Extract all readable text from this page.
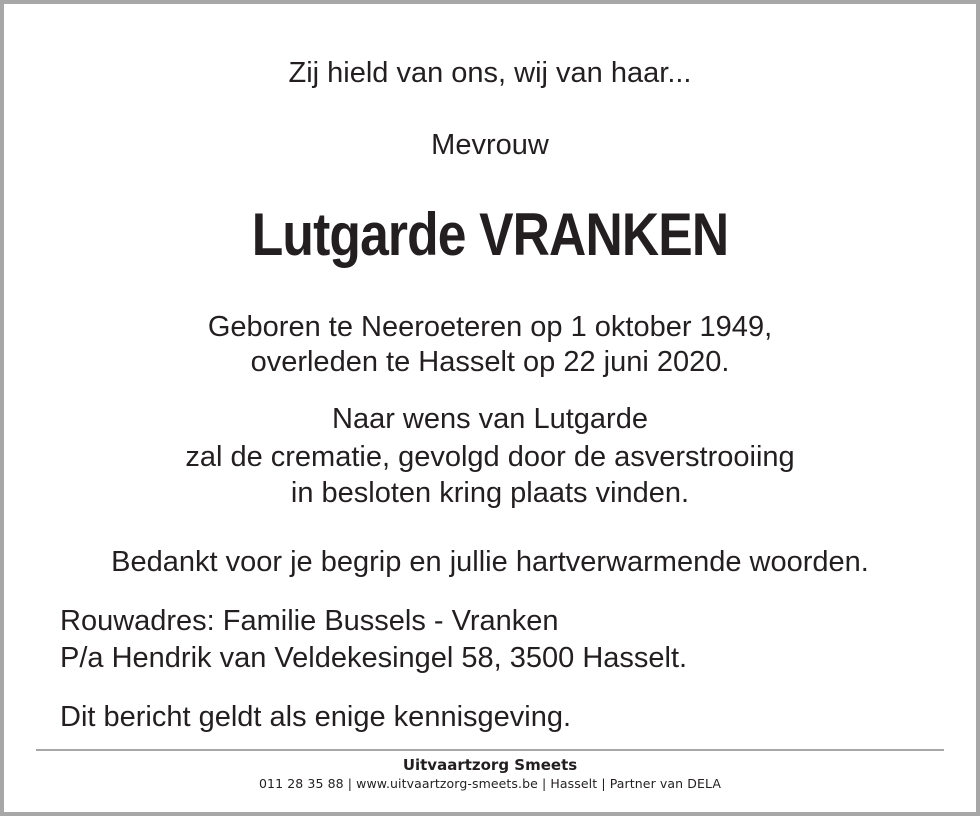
Zij hield van ons, wij van haar...
Mevrouw
Lutgarde VRANKEN
Geboren te Neeroeteren op 1 oktober 1949,
overleden te Hasselt op 22 juni 2020.
Naar wens van Lutgarde
zal de crematie, gevolgd door de asverstrooiing
in besloten kring plaats vinden.
Bedankt voor je begrip en jullie hartverwarmende woorden.
Rouwadres: Familie Bussels - Vranken
P/a Hendrik van Veldekesingel 58, 3500 Hasselt.
Dit bericht geldt als enige kennisgeving.
Uitvaartzorg Smeets
011 28 35 88 | www.uitvaartzorg-smeets.be | Hasselt | Partner van DELA
